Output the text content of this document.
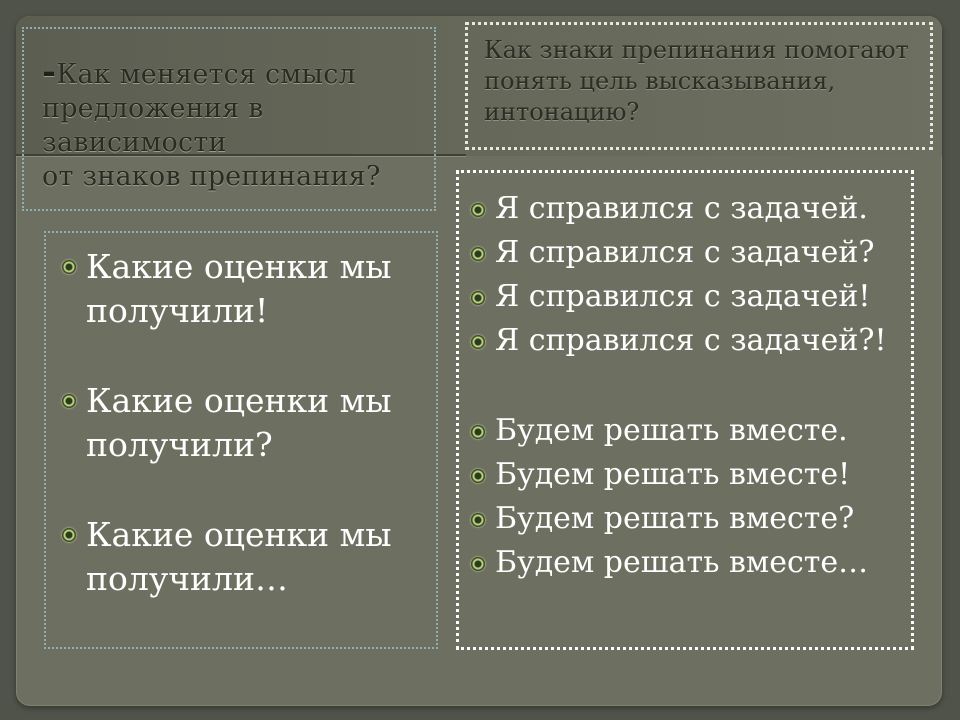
-Как меняется смысл
предложения в
зависимости
от знаков препинания?

Как знаки препинания помогают понять цель высказывания, интонацию?

Какие оценки мы
получили!
Какие оценки мы
получили?
Какие оценки мы
получили…
Я справился с задачей.
Я справился с задачей?
Я справился с задачей!
Я справился с задачей?!
Будем решать вместе.
Будем решать вместе!
Будем решать вместе?
Будем решать вместе…
